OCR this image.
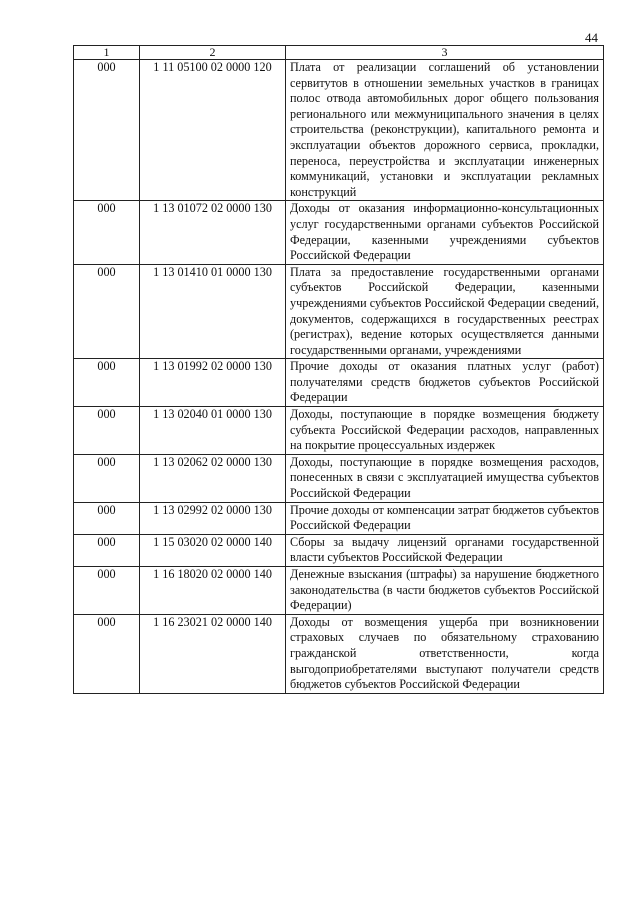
44
1	2	3
000	1 11 05100 02 0000 120	Плата от реализации соглашений об установлении сервитутов в отношении земельных участков в границах полос отвода автомобильных дорог общего пользования регионального или межмуниципального значения в целях строительства (реконструкции), капитального ремонта и эксплуатации объектов дорожного сервиса, прокладки, переноса, переустройства и эксплуатации инженерных коммуникаций, установки и эксплуатации рекламных конструкций
000	1 13 01072 02 0000 130	Доходы от оказания информационно-консультационных услуг государственными органами субъектов Российской Федерации, казенными учреждениями субъектов Российской Федерации
000	1 13 01410 01 0000 130	Плата за предоставление государственными органами субъектов Российской Федерации, казенными учреждениями субъектов Российской Федерации сведений, документов, содержащихся в государственных реестрах (регистрах), ведение которых осуществляется данными государственными органами, учреждениями
000	1 13 01992 02 0000 130	Прочие доходы от оказания платных услуг (работ) получателями средств бюджетов субъектов Российской Федерации
000	1 13 02040 01 0000 130	Доходы, поступающие в порядке возмещения бюджету субъекта Российской Федерации расходов, направленных на покрытие процессуальных издержек
000	1 13 02062 02 0000 130	Доходы, поступающие в порядке возмещения расходов, понесенных в связи с эксплуатацией имущества субъектов Российской Федерации
000	1 13 02992 02 0000 130	Прочие доходы от компенсации затрат бюджетов субъектов Российской Федерации
000	1 15 03020 02 0000 140	Сборы за выдачу лицензий органами государственной власти субъектов Российской Федерации
000	1 16 18020 02 0000 140	Денежные взыскания (штрафы) за нарушение бюджетного законодательства (в части бюджетов субъектов Российской Федерации)
000	1 16 23021 02 0000 140	Доходы от возмещения ущерба при возникновении страховых случаев по обязательному страхованию гражданской ответственности, когда выгодоприобретателями выступают получатели средств бюджетов субъектов Российской Федерации
